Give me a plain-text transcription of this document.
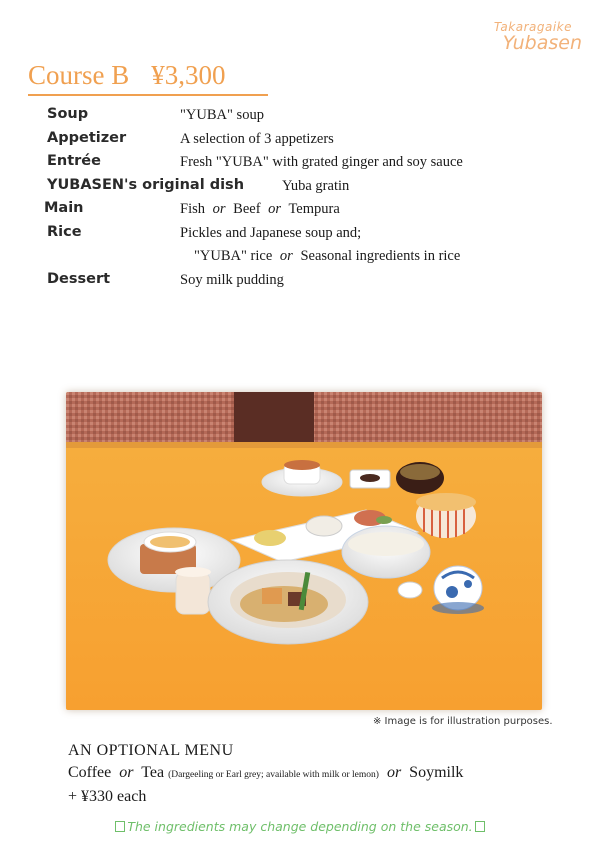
Takaragaike
Yubasen
Course B ¥3,300
Soup	"YUBA" soup
Appetizer	A selection of 3 appetizers
Entrée	Fresh "YUBA" with grated ginger and soy sauce
YUBASEN's original dish	Yuba gratin
Main	Fish or Beef or Tempura
Rice	Pickles and Japanese soup and;
"YUBA" rice or Seasonal ingredients in rice
Dessert	Soy milk pudding
※ Image is for illustration purposes.
AN OPTIONAL MENU
Coffee or Tea (Dargeeling or Earl grey; available with milk or lemon) or Soymilk
+ ¥330 each
The ingredients may change depending on the season.
